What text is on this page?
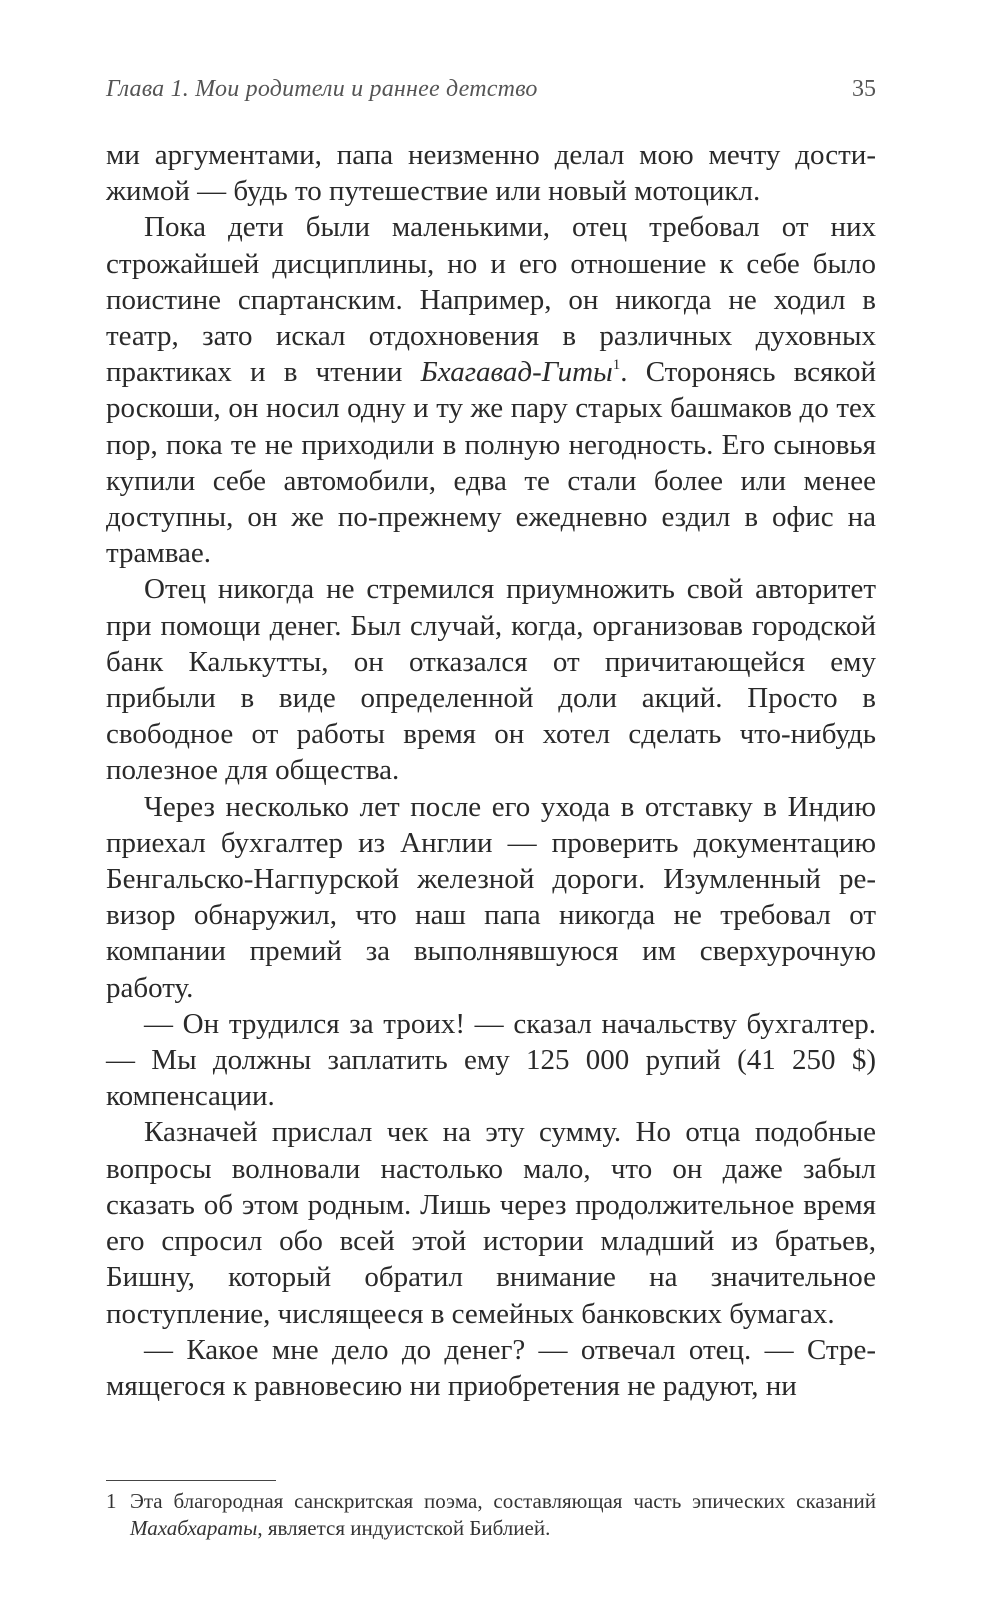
Глава 1. Мои родители и раннее детство	35

ми аргументами, папа неизменно делал мою мечту достижимой — будь то путешествие или новый мотоцикл.

Пока дети были маленькими, отец требовал от них строжайшей дисциплины, но и его отношение к себе было поистине спартанским. Например, он никогда не ходил в театр, зато искал отдохновения в различных духовных практиках и в чтении Бхагавад-Гиты$^1$. Сторонясь всякой роскоши, он носил одну и ту же пару старых башмаков до тех пор, пока те не приходили в полную негодность. Его сыновья купили себе автомобили, едва те стали более или менее доступны, он же по-прежнему ежедневно ездил в офис на трамвае.

Отец никогда не стремился приумножить свой авторитет при помощи денег. Был случай, когда, организовав городской банк Калькутты, он отказался от причитающейся ему прибыли в виде определенной доли акций. Просто в свободное от работы время он хотел сделать что-нибудь полезное для общества.

Через несколько лет после его ухода в отставку в Индию приехал бухгалтер из Англии — проверить документацию Бенгальско-Нагпурской железной дороги. Изумленный ревизор обнаружил, что наш папа никогда не требовал от компании премий за выполнявшуюся им сверхурочную работу.

— Он трудился за троих! — сказал начальству бухгалтер. — Мы должны заплатить ему 125 000 рупий (41 250 $) компенсации.

Казначей прислал чек на эту сумму. Но отца подобные вопросы волновали настолько мало, что он даже забыл сказать об этом родным. Лишь через продолжительное время его спросил обо всей этой истории младший из братьев, Бишну, который обратил внимание на значительное поступление, числящееся в семейных банковских бумагах.

— Какое мне дело до денег? — отвечал отец. — Стремящегося к равновесию ни приобретения не радуют, ни

1 Эта благородная санскритская поэма, составляющая часть эпических сказаний Махабхараты, является индуистской Библией.
